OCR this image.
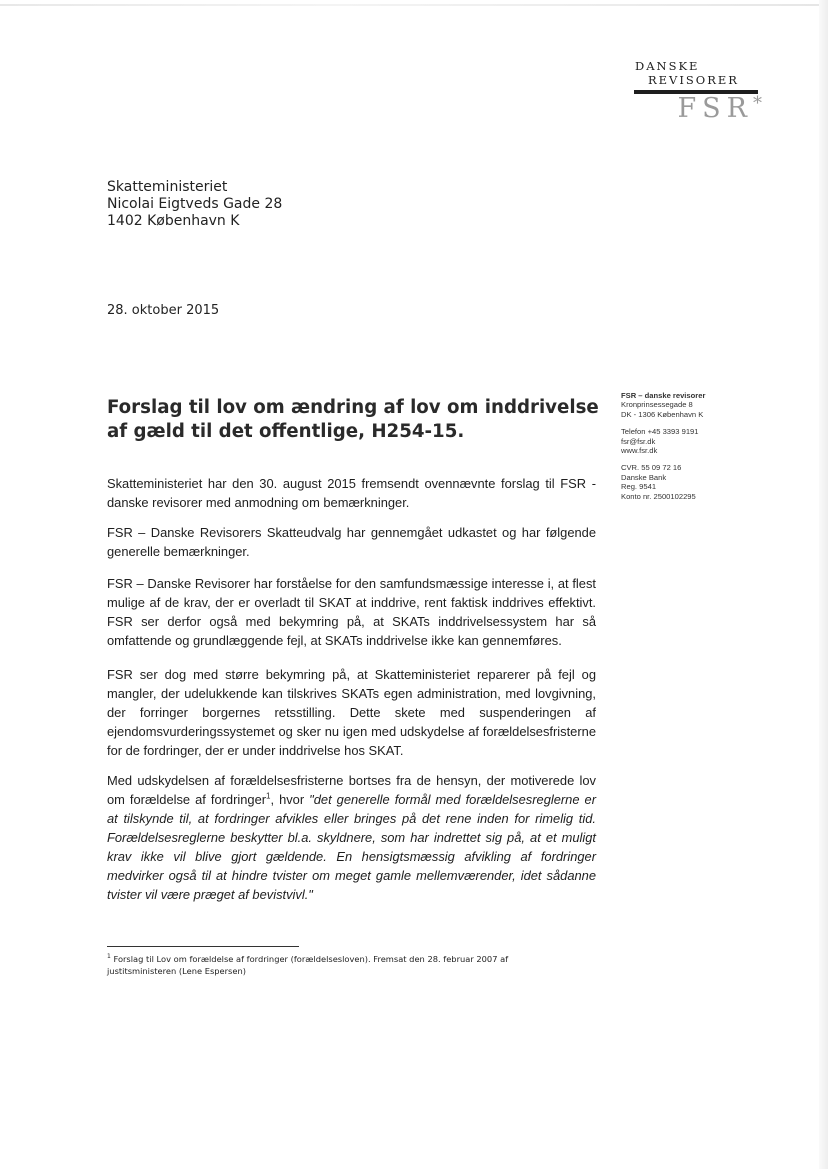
DANSKE
REVISORER
FSR*
Skatteministeriet
Nicolai Eigtveds Gade 28
1402 København K
28. oktober 2015
Forslag til lov om ændring af lov om inddrivelse af gæld til det offentlige, H254-15.
FSR – danske revisorer
Kronprinsessegade 8
DK - 1306 København K
Telefon +45 3393 9191
fsr@fsr.dk
www.fsr.dk
CVR. 55 09 72 16
Danske Bank
Reg. 9541
Konto nr. 2500102295

Skatteministeriet har den 30. august 2015 fremsendt ovennævnte forslag til FSR - danske revisorer med anmodning om bemærkninger.

FSR – Danske Revisorers Skatteudvalg har gennemgået udkastet og har følgende generelle bemærkninger.

FSR – Danske Revisorer har forståelse for den samfundsmæssige interesse i, at flest mulige af de krav, der er overladt til SKAT at inddrive, rent faktisk inddrives effektivt. FSR ser derfor også med bekymring på, at SKATs inddrivelsessystem har så omfattende og grundlæggende fejl, at SKATs inddrivelse ikke kan gennemføres.

FSR ser dog med større bekymring på, at Skatteministeriet reparerer på fejl og mangler, der udelukkende kan tilskrives SKATs egen administration, med lovgivning, der forringer borgernes retsstilling. Dette skete med suspenderingen af ejendomsvurderingssystemet og sker nu igen med udskydelse af forældelsesfristerne for de fordringer, der er under inddrivelse hos SKAT.

Med udskydelsen af forældelsesfristerne bortses fra de hensyn, der motiverede lov om forældelse af fordringer$^1$, hvor "det generelle formål med forældelsesreglerne er at tilskynde til, at fordringer afvikles eller bringes på det rene inden for rimelig tid. Forældelsesreglerne beskytter bl.a. skyldnere, som har indrettet sig på, at et muligt krav ikke vil blive gjort gældende. En hensigtsmæssig afvikling af fordringer medvirker også til at hindre tvister om meget gamle mellemværender, idet sådanne tvister vil være præget af bevistvivl."

$^1$ Forslag til Lov om forældelse af fordringer (forældelsesloven). Fremsat den 28. februar 2007 af justitsministeren (Lene Espersen)
